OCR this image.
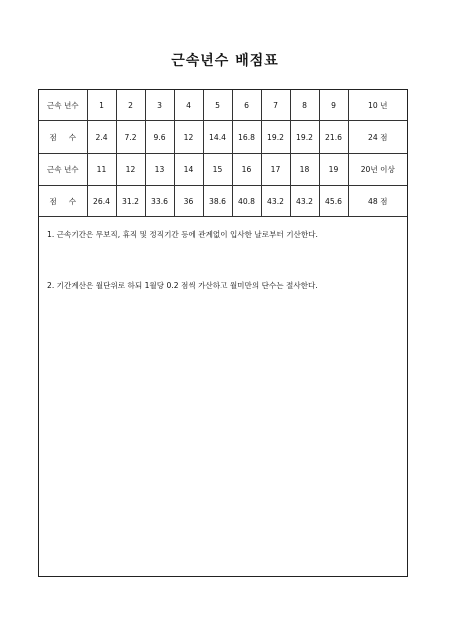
근속년수 배점표
근속 년수	1	2	3	4	5	6	7	8	9	10 년
점     수	2.4	7.2	9.6	12	14.4	16.8	19.2	19.2	21.6	24 점
근속 년수	11	12	13	14	15	16	17	18	19	20년 이상
점     수	26.4	31.2	33.6	36	38.6	40.8	43.2	43.2	45.6	48 점
1. 근속기간은 무보직, 휴직 및 정직기간 등에 관계없이 입사한 날로부터 기산한다.
2. 기간계산은 월단위로 하되 1월당 0.2 점씩 가산하고 월미만의 단수는 절사한다.
